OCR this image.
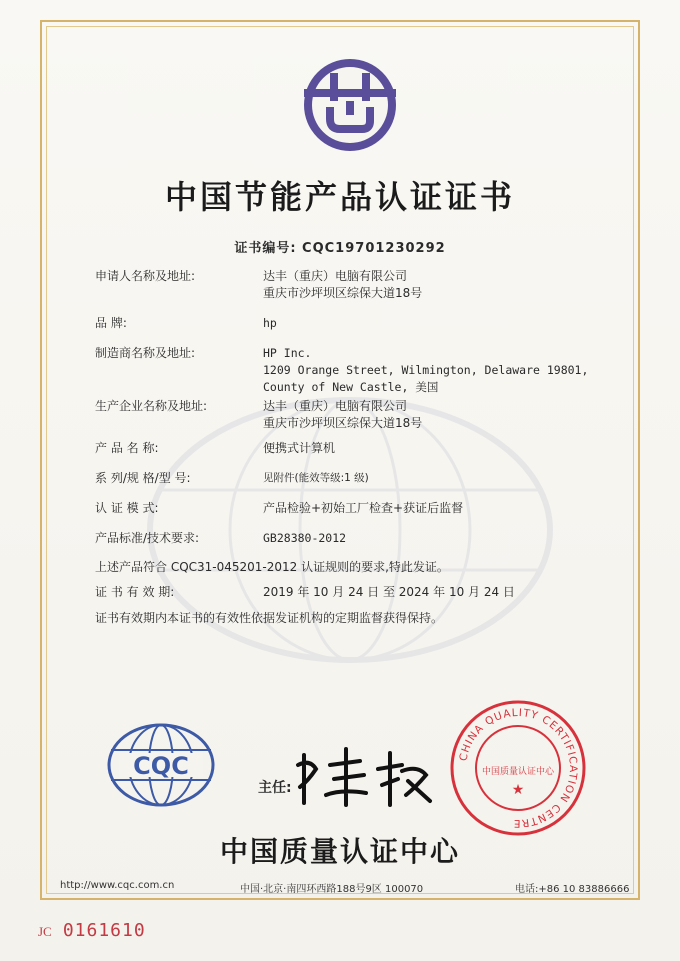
中国节能产品认证证书
证书编号: CQC19701230292
申请人名称及地址:	达丰（重庆）电脑有限公司
重庆市沙坪坝区综保大道18号
品 牌:	hp
制造商名称及地址:	HP Inc.
1209 Orange Street, Wilmington, Delaware 19801,
County of New Castle, 美国
生产企业名称及地址:	达丰（重庆）电脑有限公司
重庆市沙坪坝区综保大道18号
产 品 名 称:	便携式计算机
系 列/规 格/型 号:	见附件(能效等级:1 级)
认 证 模 式:	产品检验+初始工厂检查+获证后监督
产品标准/技术要求:	GB28380-2012
上述产品符合 CQC31-045201-2012 认证规则的要求,特此发证。
证 书 有 效 期:	2019 年 10 月 24 日 至 2024 年 10 月 24 日
证书有效期内本证书的有效性依据发证机构的定期监督获得保持。
CQC
主任:
CHINA QUALITY CERTIFICATION CENTRE
中国质量认证中心
★
中国质量认证中心
http://www.cqc.com.cn	中国·北京·南四环西路188号9区 100070	电话:+86 10 83886666
JC 0161610
